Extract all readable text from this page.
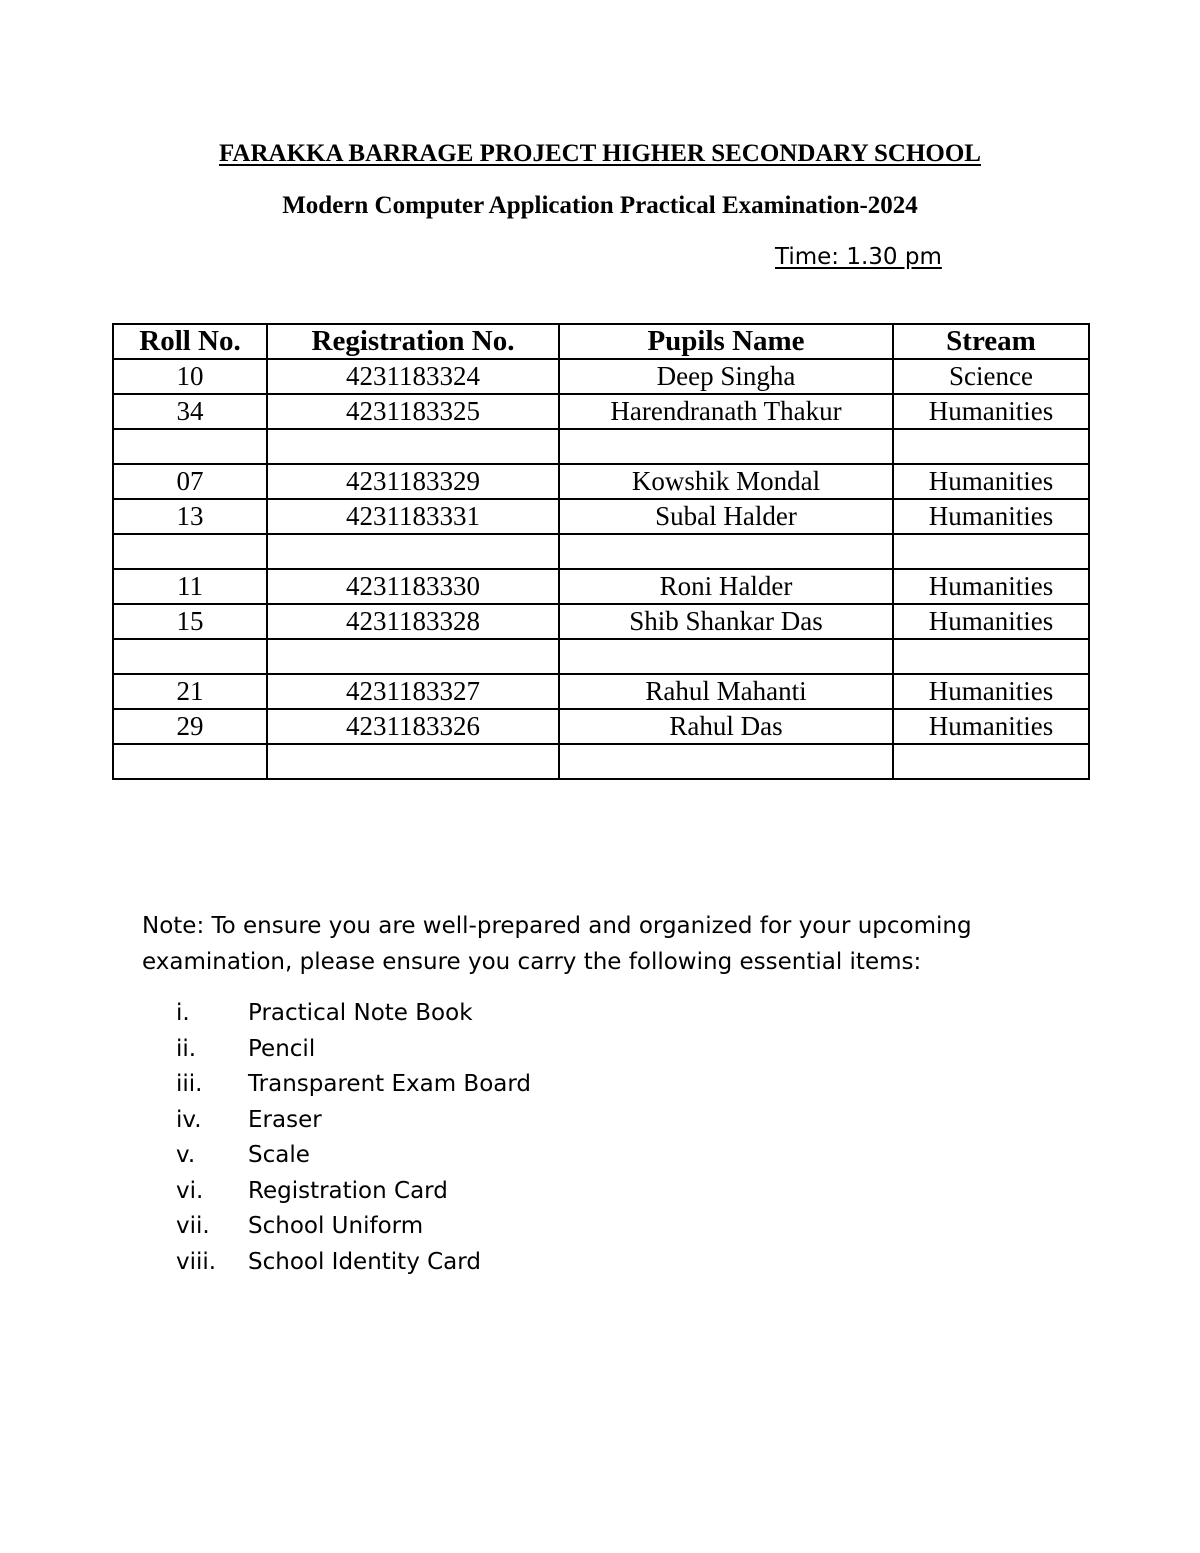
FARAKKA BARRAGE PROJECT HIGHER SECONDARY SCHOOL
Modern Computer Application Practical Examination-2024
Time: 1.30 pm
Roll No.	Registration No.	Pupils Name	Stream
10	4231183324	Deep Singha	Science
34	4231183325	Harendranath Thakur	Humanities

07	4231183329	Kowshik Mondal	Humanities
13	4231183331	Subal Halder	Humanities

11	4231183330	Roni Halder	Humanities
15	4231183328	Shib Shankar Das	Humanities

21	4231183327	Rahul Mahanti	Humanities
29	4231183326	Rahul Das	Humanities

Note: To ensure you are well-prepared and organized for your upcoming examination, please ensure you carry the following essential items:
i.	Practical Note Book
ii. Pencil
iii. Transparent Exam Board
iv. Eraser
v. Scale
vi. Registration Card
vii. School Uniform
viii. School Identity Card
